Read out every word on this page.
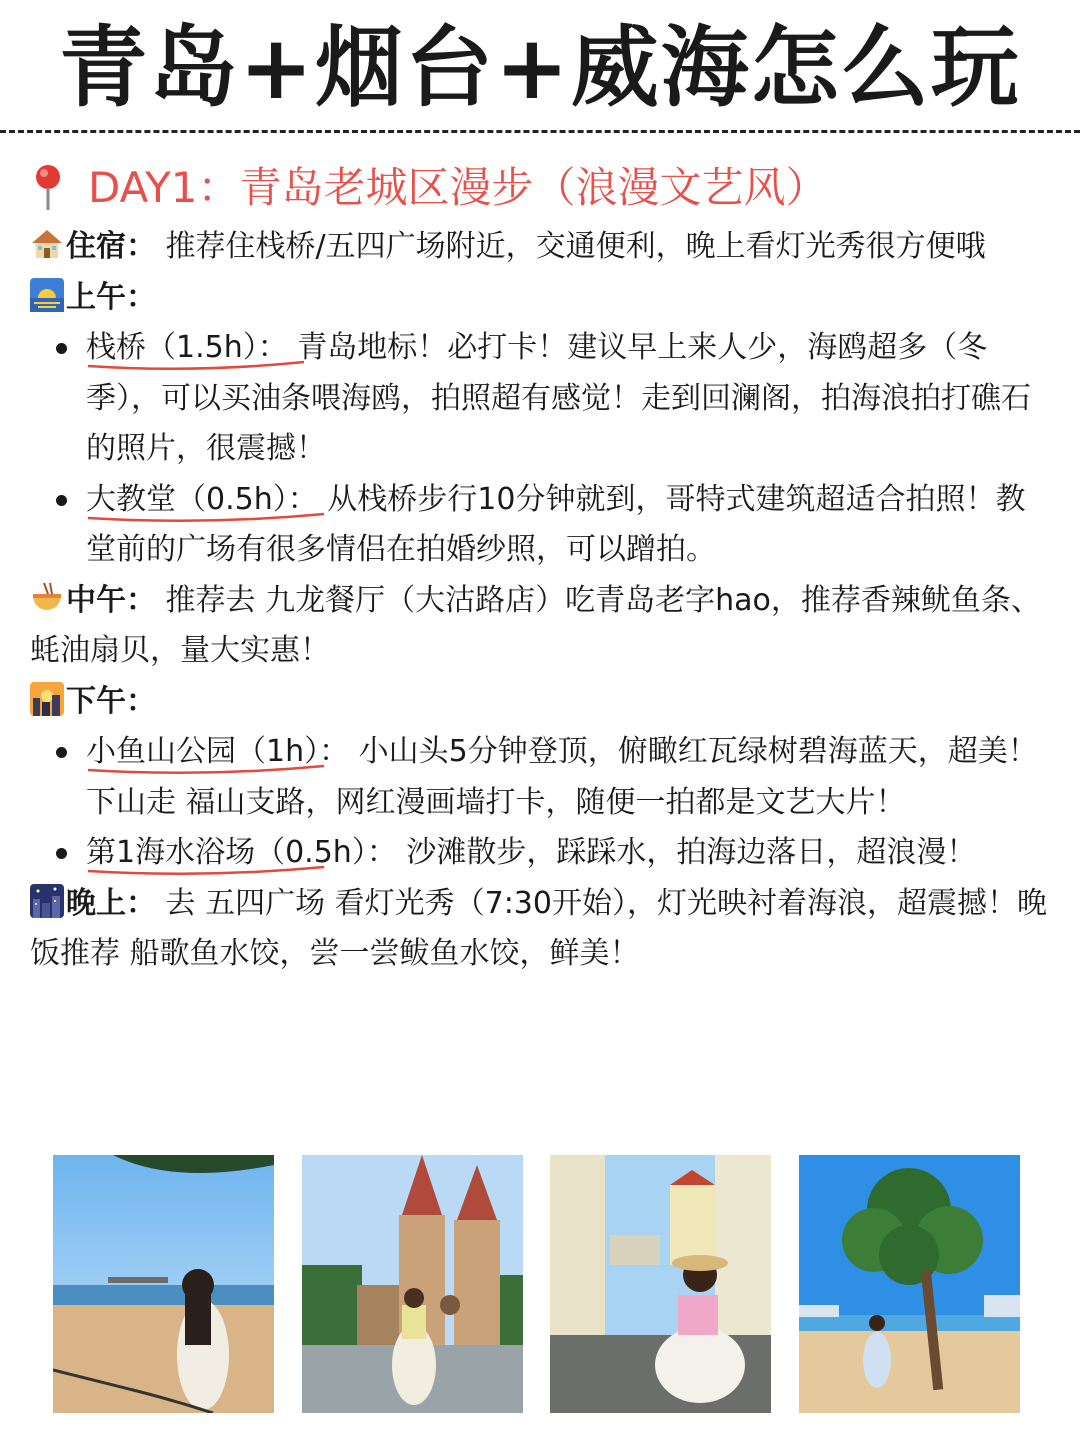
青岛+烟台+威海怎么玩
DAY1：青岛老城区漫步（浪漫文艺风）
住宿： 推荐住栈桥/五四广场附近，交通便利，晚上看灯光秀很方便哦
上午：
栈桥（1.5h）
： 青岛地标！必打卡！建议早上来人少，海鸥超多（冬季），可以买油条喂海鸥，拍照超有感觉！走到回澜阁，拍海浪拍打礁石的照片，很震撼！
大教堂（0.5h）
： 从栈桥步行10分钟就到，哥特式建筑超适合拍照！教堂前的广场有很多情侣在拍婚纱照，可以蹭拍。
中午： 推荐去 九龙餐厅（大沽路店）吃青岛老字hao，推荐香辣鱿鱼条、蚝油扇贝，量大实惠！
下午：
小鱼山公园（1h）
： 小山头5分钟登顶，俯瞰红瓦绿树碧海蓝天，超美！下山走 福山支路，网红漫画墙打卡，随便一拍都是文艺大片！
第1海水浴场（0.5h）
： 沙滩散步，踩踩水，拍海边落日，超浪漫！
晚上： 去 五四广场 看灯光秀（7:30开始），灯光映衬着海浪，超震撼！晚饭推荐 船歌鱼水饺，尝一尝鲅鱼水饺，鲜美！
